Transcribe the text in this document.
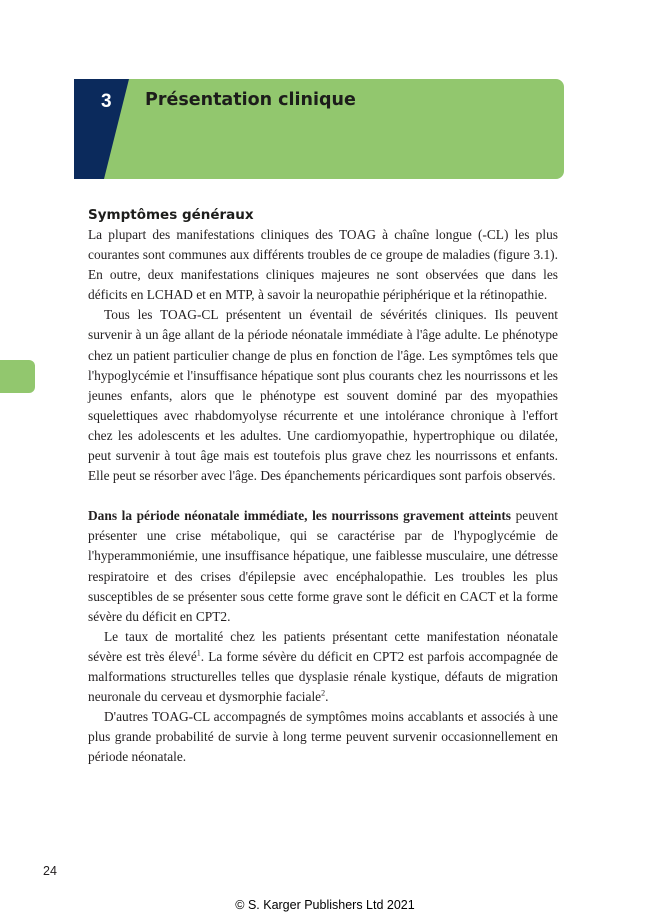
3 Présentation clinique
Symptômes généraux

La plupart des manifestations cliniques des TOAG à chaîne longue (-CL) les plus courantes sont communes aux différents troubles de ce groupe de maladies (figure 3.1). En outre, deux manifestations cliniques majeures ne sont observées que dans les déficits en LCHAD et en MTP, à savoir la neuropathie périphérique et la rétinopathie.

Tous les TOAG-CL présentent un éventail de sévérités cliniques. Ils peuvent survenir à un âge allant de la période néonatale immédiate à l'âge adulte. Le phénotype chez un patient particulier change de plus en fonction de l'âge. Les symptômes tels que l'hypoglycémie et l'insuffisance hépatique sont plus courants chez les nourrissons et les jeunes enfants, alors que le phénotype est souvent dominé par des myopathies squelettiques avec rhabdomyolyse récurrente et une intolérance chronique à l'effort chez les adolescents et les adultes. Une cardiomyopathie, hypertrophique ou dilatée, peut survenir à tout âge mais est toutefois plus grave chez les nourrissons et enfants. Elle peut se résorber avec l'âge. Des épanchements péricardiques sont parfois observés.

Dans la période néonatale immédiate, les nourrissons gravement atteints peuvent présenter une crise métabolique, qui se caractérise par de l'hypoglycémie de l'hyperammoniémie, une insuffisance hépatique, une faiblesse musculaire, une détresse respiratoire et des crises d'épilepsie avec encéphalopathie. Les troubles les plus susceptibles de se présenter sous cette forme grave sont le déficit en CACT et la forme sévère du déficit en CPT2.

Le taux de mortalité chez les patients présentant cette manifestation néonatale sévère est très élevé$^1$. La forme sévère du déficit en CPT2 est parfois accompagnée de malformations structurelles telles que dysplasie rénale kystique, défauts de migration neuronale du cerveau et dysmorphie faciale$^2$.

D'autres TOAG-CL accompagnés de symptômes moins accablants et associés à une plus grande probabilité de survie à long terme peuvent survenir occasionnellement en période néonatale.

24
© S. Karger Publishers Ltd 2021
